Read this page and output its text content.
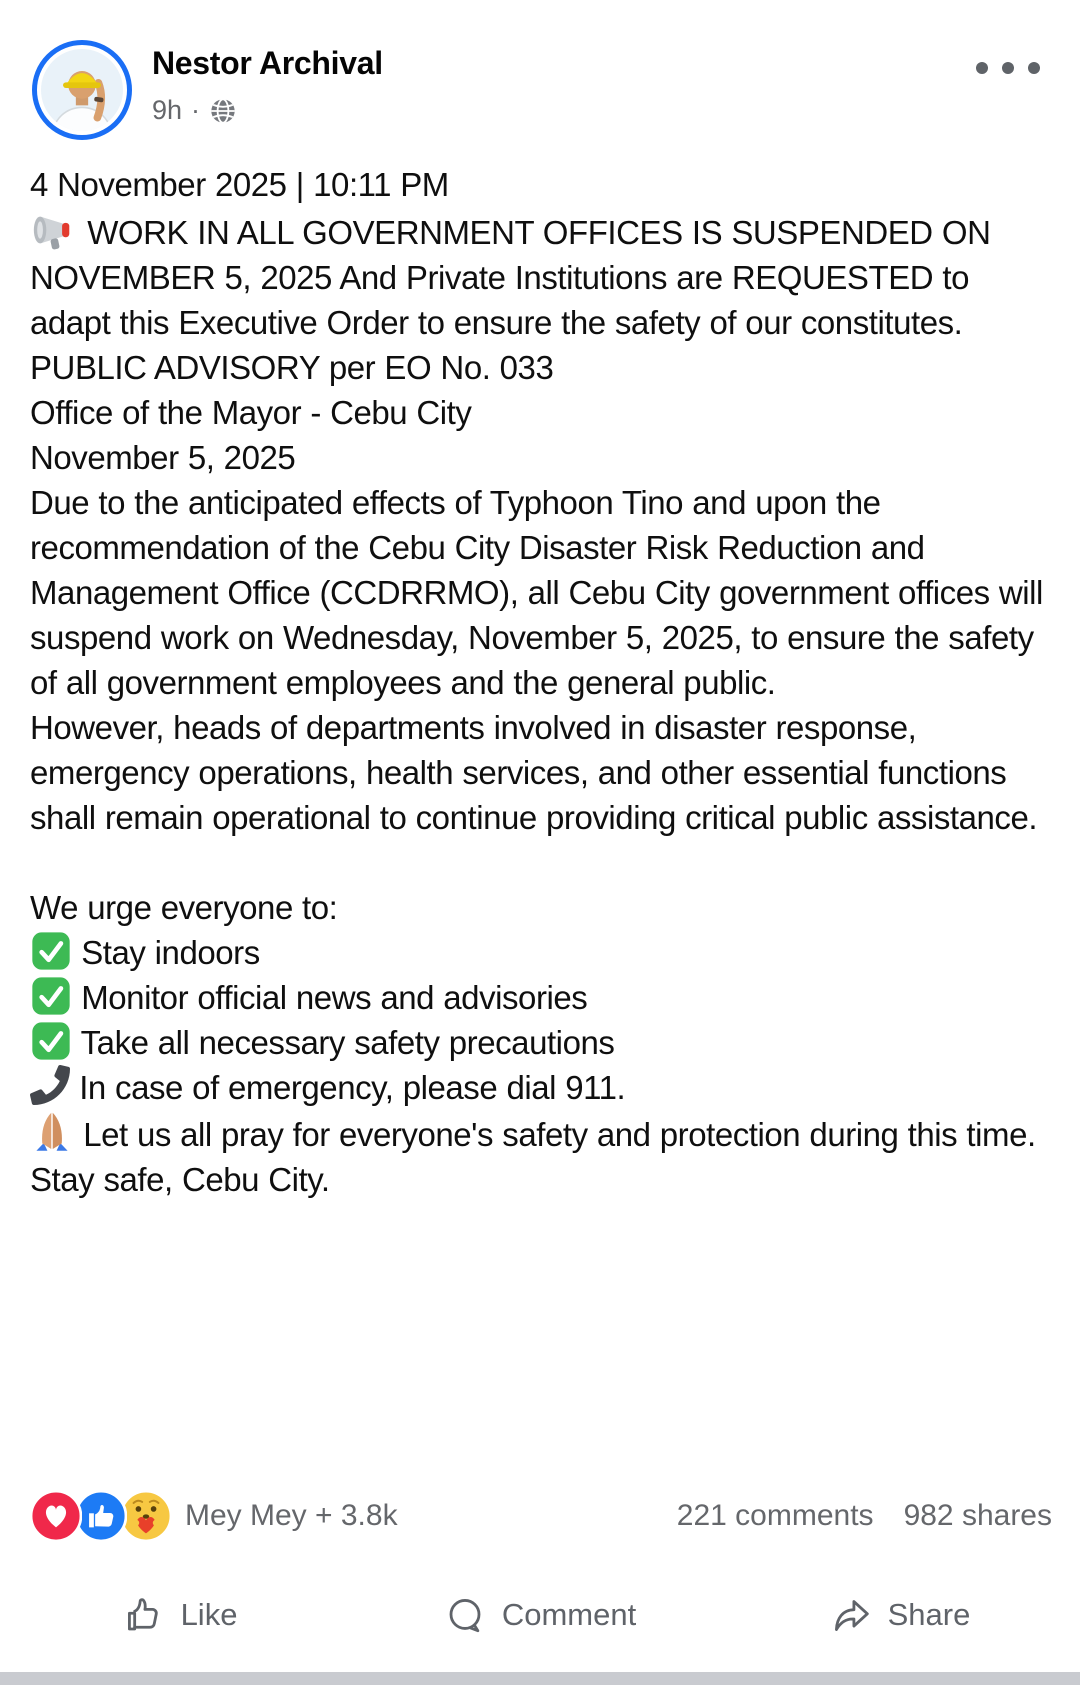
Nestor Archival
9h ·

4 November 2025 | 10:11 PM

WORK IN ALL GOVERNMENT OFFICES IS SUSPENDED ON NOVEMBER 5, 2025 And Private Institutions are REQUESTED to adapt this Executive Order to ensure the safety of our constitutes.

PUBLIC ADVISORY per EO No. 033

Office of the Mayor - Cebu City

November 5, 2025

Due to the anticipated effects of Typhoon Tino and upon the recommendation of the Cebu City Disaster Risk Reduction and Management Office (CCDRRMO), all Cebu City government offices will suspend work on Wednesday, November 5, 2025, to ensure the safety of all government employees and the general public.

However, heads of departments involved in disaster response, emergency operations, health services, and other essential functions shall remain operational to continue providing critical public assistance.

We urge everyone to:

Stay indoors

Monitor official news and advisories

Take all necessary safety precautions

In case of emergency, please dial 911.

Let us all pray for everyone's safety and protection during this time.

Stay safe, Cebu City.

Mey Mey + 3.8k	221 comments 982 shares
Like	Comment	Share
